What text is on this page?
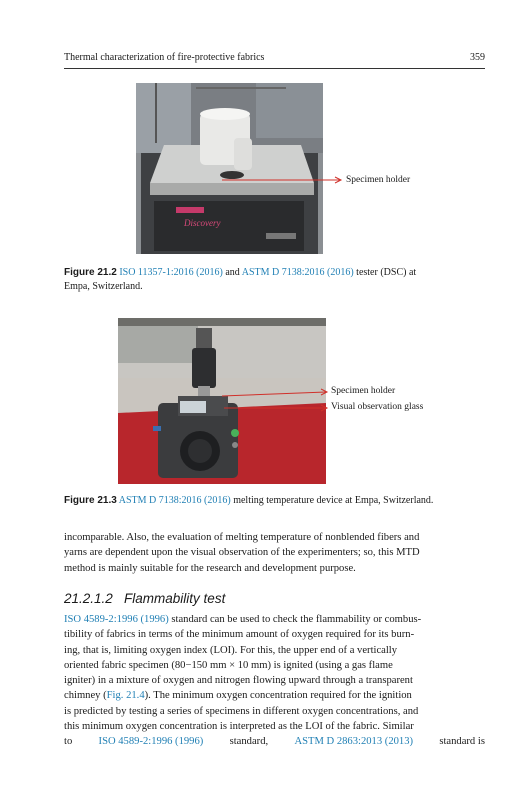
Thermal characterization of fire-protective fabrics	359
Discovery
Specimen holder
Figure 21.2 ISO 11357-1:2016 (2016) and ASTM D 7138:2016 (2016) tester (DSC) at
Empa, Switzerland.
Specimen holder
Visual observation glass
Figure 21.3 ASTM D 7138:2016 (2016) melting temperature device at Empa, Switzerland.
incomparable. Also, the evaluation of melting temperature of nonblended fibers and
yarns are dependent upon the visual observation of the experimenters; so, this MTD
method is mainly suitable for the research and development purpose.
21.2.1.2   Flammability test
ISO 4589-2:1996 (1996) standard can be used to check the flammability or combus-
tibility of fabrics in terms of the minimum amount of oxygen required for its burn-
ing, that is, limiting oxygen index (LOI). For this, the upper end of a vertically
oriented fabric specimen (80−150 mm × 10 mm) is ignited (using a gas flame
igniter) in a mixture of oxygen and nitrogen flowing upward through a transparent
chimney (Fig. 21.4). The minimum oxygen concentration required for the ignition
is predicted by testing a series of specimens in different oxygen concentrations, and
this minimum oxygen concentration is interpreted as the LOI of the fabric. Similar
to ISO 4589-2:1996 (1996) standard, ASTM D 2863:2013 (2013) standard is
